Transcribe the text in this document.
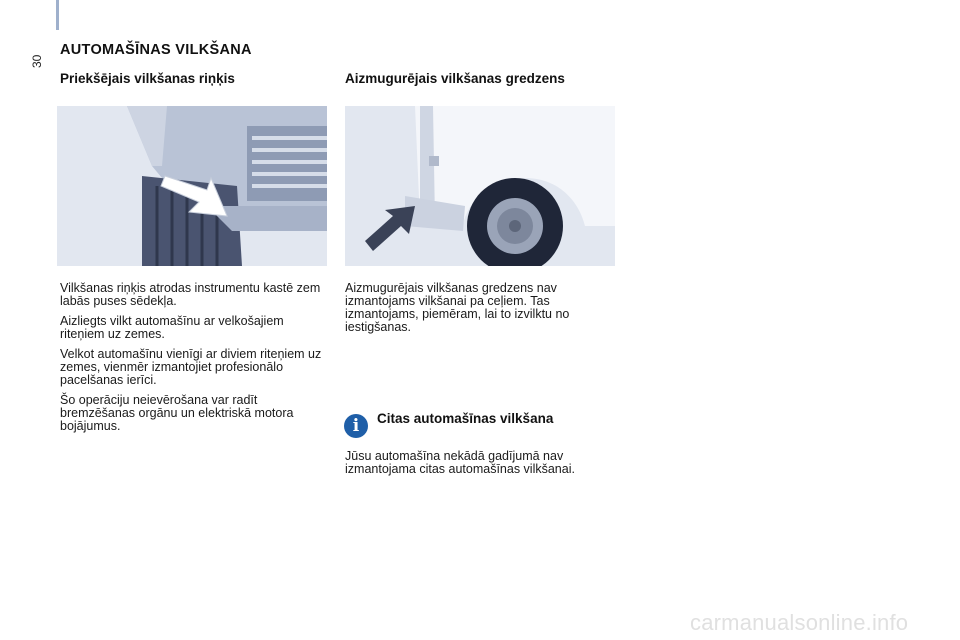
30
AUTOMAŠĪNAS VILKŠANA
Priekšējais vilkšanas riņķis	Aizmugurējais vilkšanas gredzens

Vilkšanas riņķis atrodas instrumentu kastē zem labās puses sēdekļa.

Aizliegts vilkt automašīnu ar velkošajiem riteņiem uz zemes.

Velkot automašīnu vienīgi ar diviem riteņiem uz zemes, vienmēr izmantojiet profesionālo pacelšanas ierīci.

Šo operāciju neievērošana var radīt bremzēšanas orgānu un elektriskā motora bojājumus.

Aizmugurējais vilkšanas gredzens nav izmantojams vilkšanai pa ceļiem. Tas izmantojams, piemēram, lai to izvilktu no iestigšanas.

i	Citas automašīnas vilkšana

Jūsu automašīna nekādā gadījumā nav izmantojama citas automašīnas vilkšanai.

carmanualsonline.info
